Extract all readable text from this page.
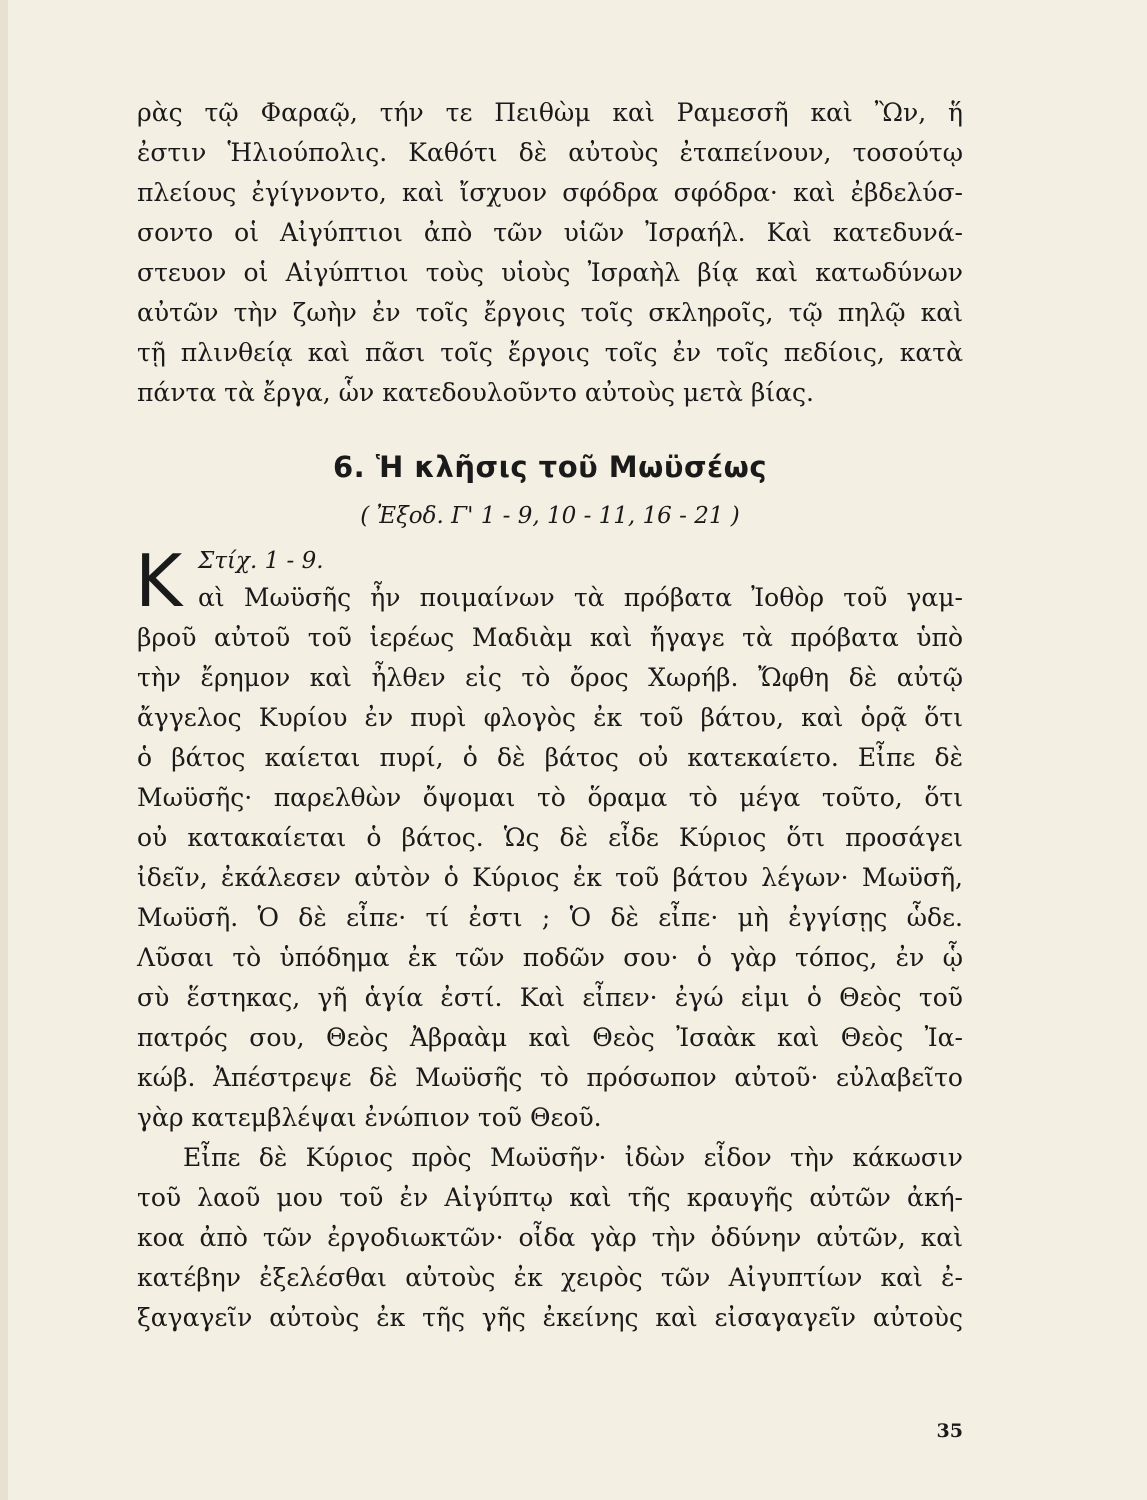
ρὰς τῷ Φαραῷ, τήν τε Πειθὼμ καὶ Ραμεσσῆ καὶ Ὢν, ἥ
ἐστιν Ἡλιούπολις. Καθότι δὲ αὐτοὺς ἐταπείνουν, τοσούτῳ
πλείους ἐγίγνοντο, καὶ ἴσχυον σφόδρα σφόδρα· καὶ ἐβδελύσ-
σοντο οἱ Αἰγύπτιοι ἀπὸ τῶν υἱῶν Ἰσραήλ. Καὶ κατεδυνά-
στευον οἱ Αἰγύπτιοι τοὺς υἱοὺς Ἰσραὴλ βίᾳ καὶ κατωδύνων
αὐτῶν τὴν ζωὴν ἐν τοῖς ἔργοις τοῖς σκληροῖς, τῷ πηλῷ καὶ
τῇ πλινθείᾳ καὶ πᾶσι τοῖς ἔργοις τοῖς ἐν τοῖς πεδίοις, κατὰ
πάντα τὰ ἔργα, ὧν κατεδουλοῦντο αὐτοὺς μετὰ βίας.
6. Ἡ κλῆσις τοῦ Μωϋσέως
( Ἐξοδ. Γ' 1 - 9, 10 - 11, 16 - 21 )
Κ Στίχ. 1 - 9.
αὶ Μωϋσῆς ἦν ποιμαίνων τὰ πρόβατα Ἰοθὸρ τοῦ γαμ-
βροῦ αὐτοῦ τοῦ ἱερέως Μαδιὰμ καὶ ἤγαγε τὰ πρόβατα ὑπὸ
τὴν ἔρημον καὶ ἦλθεν εἰς τὸ ὄρος Χωρήβ. Ὤφθη δὲ αὐτῷ
ἄγγελος Κυρίου ἐν πυρὶ φλογὸς ἐκ τοῦ βάτου, καὶ ὁρᾷ ὅτι
ὁ βάτος καίεται πυρί, ὁ δὲ βάτος οὐ κατεκαίετο. Εἶπε δὲ
Μωϋσῆς· παρελθὼν ὄψομαι τὸ ὅραμα τὸ μέγα τοῦτο, ὅτι
οὐ κατακαίεται ὁ βάτος. Ὡς δὲ εἶδε Κύριος ὅτι προσάγει
ἰδεῖν, ἐκάλεσεν αὐτὸν ὁ Κύριος ἐκ τοῦ βάτου λέγων· Μωϋσῆ,
Μωϋσῆ. Ὁ δὲ εἶπε· τί ἐστι ; Ὁ δὲ εἶπε· μὴ ἐγγίσῃς ὧδε.
Λῦσαι τὸ ὑπόδημα ἐκ τῶν ποδῶν σου· ὁ γὰρ τόπος, ἐν ᾧ
σὺ ἕστηκας, γῆ ἁγία ἐστί. Καὶ εἶπεν· ἐγώ εἰμι ὁ Θεὸς τοῦ
πατρός σου, Θεὸς Ἀβραὰμ καὶ Θεὸς Ἰσαὰκ καὶ Θεὸς Ἰα-
κώβ. Ἀπέστρεψε δὲ Μωϋσῆς τὸ πρόσωπον αὐτοῦ· εὐλαβεῖτο
γὰρ κατεμβλέψαι ἐνώπιον τοῦ Θεοῦ.
Εἶπε δὲ Κύριος πρὸς Μωϋσῆν· ἰδὼν εἶδον τὴν κάκωσιν
τοῦ λαοῦ μου τοῦ ἐν Αἰγύπτῳ καὶ τῆς κραυγῆς αὐτῶν ἀκή-
κοα ἀπὸ τῶν ἐργοδιωκτῶν· οἶδα γὰρ τὴν ὀδύνην αὐτῶν, καὶ
κατέβην ἐξελέσθαι αὐτοὺς ἐκ χειρὸς τῶν Αἰγυπτίων καὶ ἐ-
ξαγαγεῖν αὐτοὺς ἐκ τῆς γῆς ἐκείνης καὶ εἰσαγαγεῖν αὐτοὺς
35
